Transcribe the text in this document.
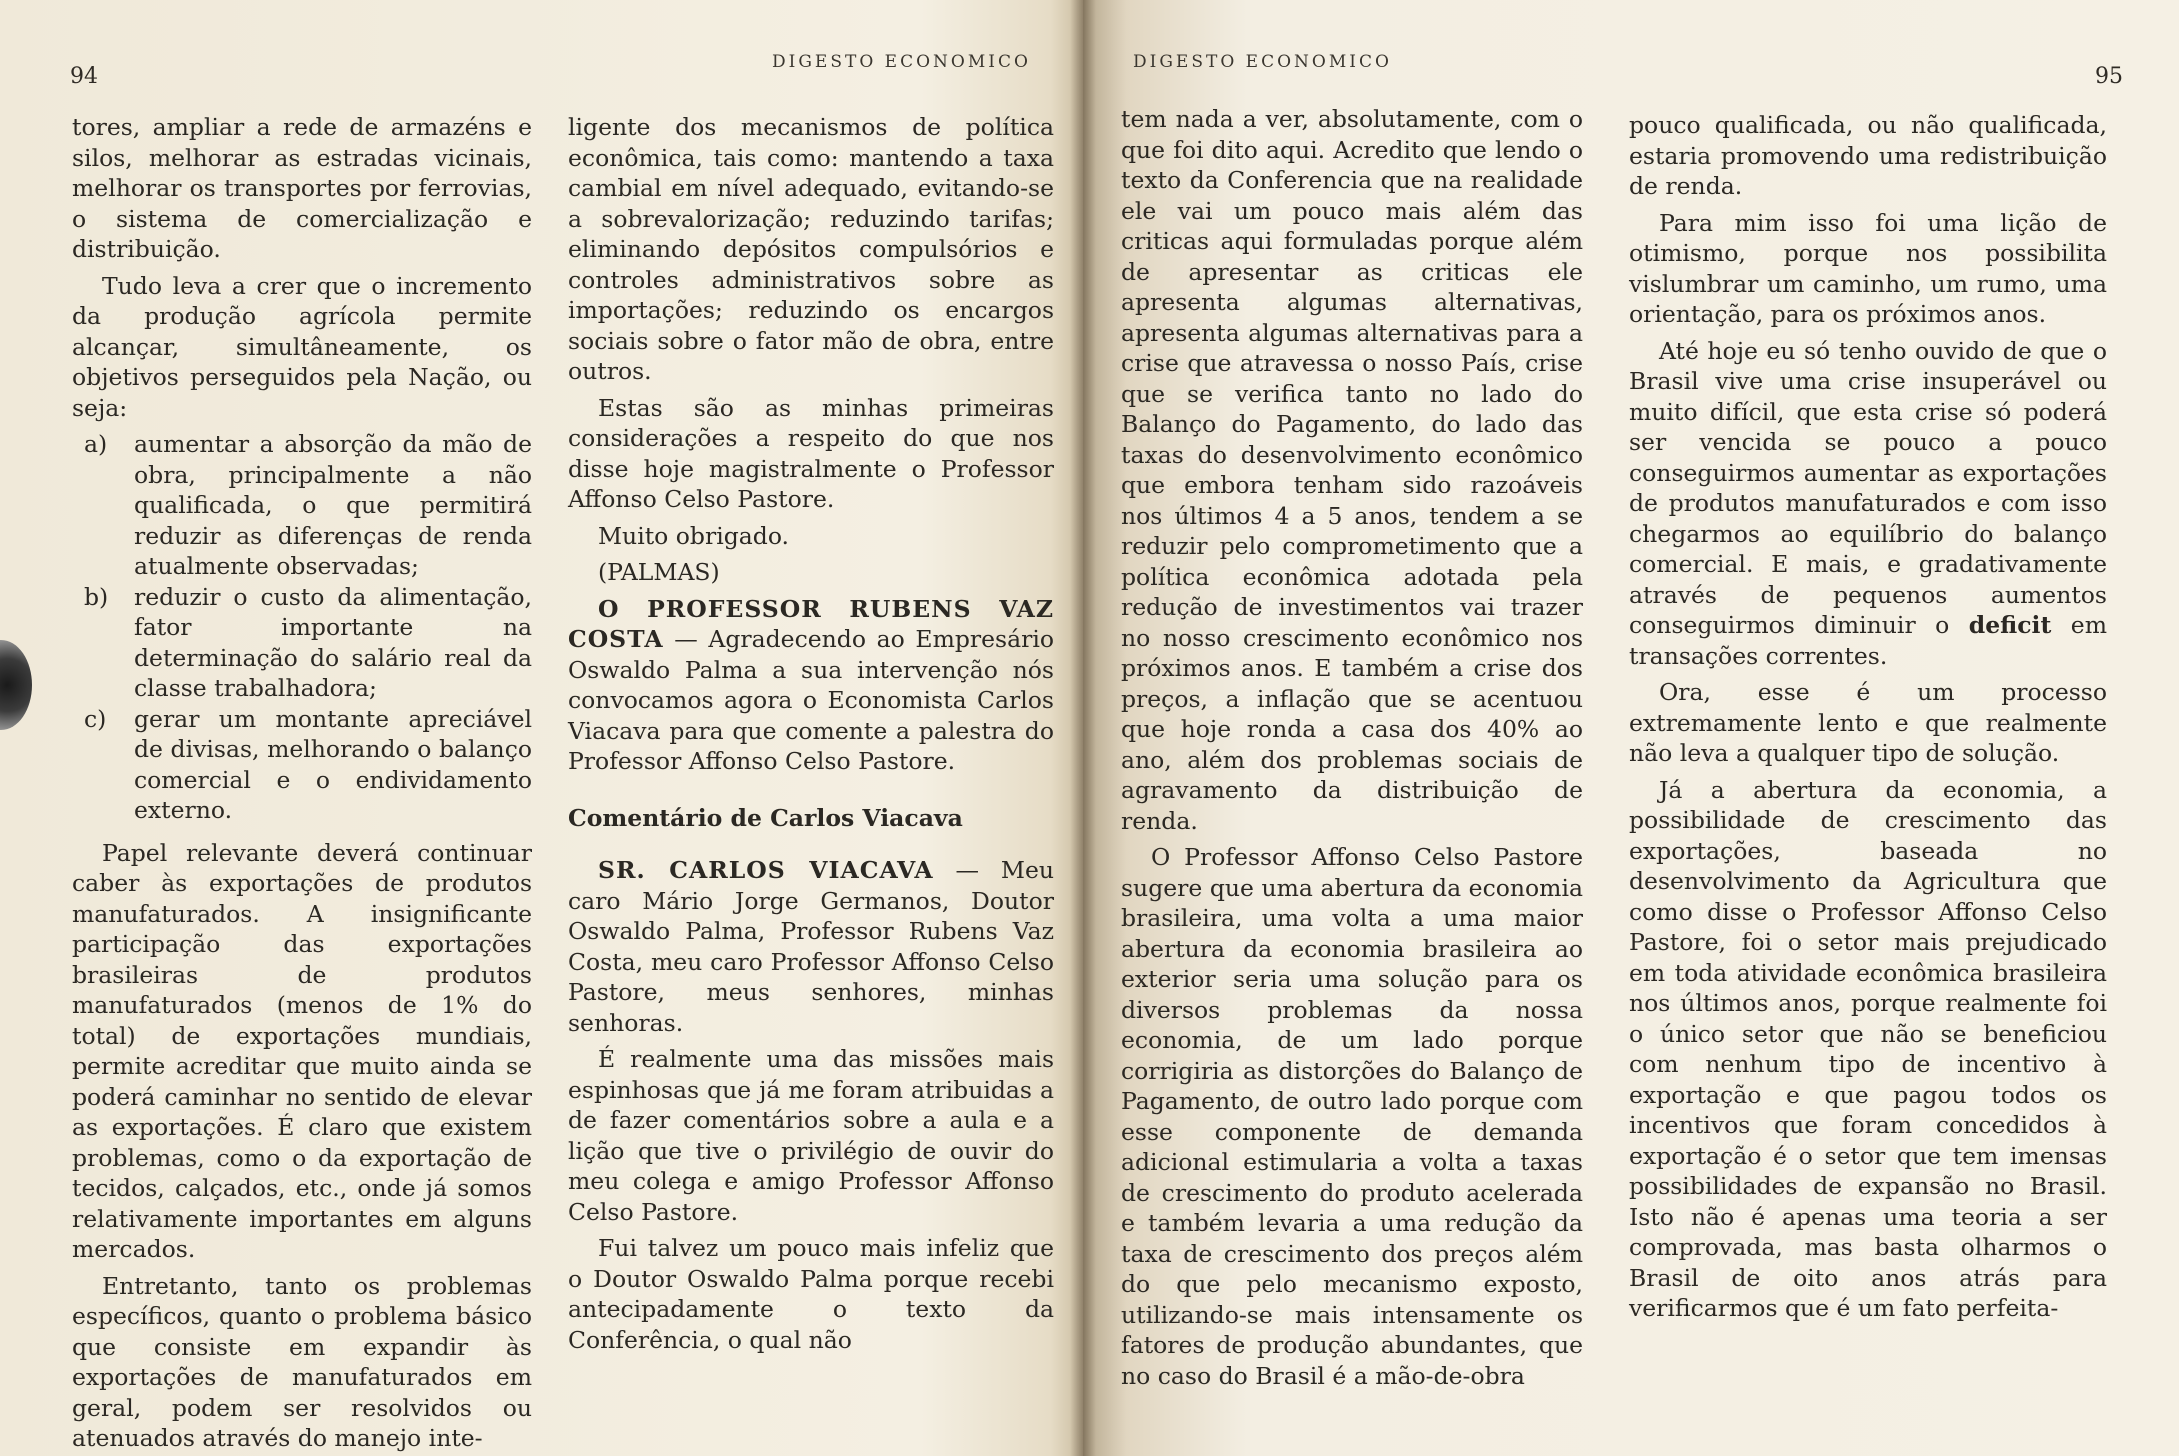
94
DIGESTO ECONOMICO

tores, ampliar a rede de armazéns e silos, melhorar as estradas vicinais, melhorar os transportes por ferrovias, o sistema de comercialização e distribuição.

Tudo leva a crer que o incremento da produção agrícola permite alcançar, simultâneamente, os objetivos perseguidos pela Nação, ou seja:

a)	aumentar a absorção da mão de obra, principalmente a não qualificada, o que permitirá reduzir as diferenças de renda atualmente observadas;
b)	reduzir o custo da alimentação, fator importante na determinação do salário real da classe trabalhadora;
c)	gerar um montante apreciável de divisas, melhorando o balanço comercial e o endividamento externo.

Papel relevante deverá continuar caber às exportações de produtos manufaturados. A insignificante participação das exportações brasileiras de produtos manufaturados (menos de 1% do total) de exportações mundiais, permite acreditar que muito ainda se poderá caminhar no sentido de elevar as exportações. É claro que existem problemas, como o da exportação de tecidos, calçados, etc., onde já somos relativamente importantes em alguns mercados.

Entretanto, tanto os problemas específicos, quanto o problema básico que consiste em expandir às exportações de manufaturados em geral, podem ser resolvidos ou atenuados através do manejo inte-

ligente dos mecanismos de política econômica, tais como: mantendo a taxa cambial em nível adequado, evitando-se a sobrevalorização; reduzindo tarifas; eliminando depósitos compulsórios e controles administrativos sobre as importações; reduzindo os encargos sociais sobre o fator mão de obra, entre outros.

Estas são as minhas primeiras considerações a respeito do que nos disse hoje magistralmente o Professor Affonso Celso Pastore.

Muito obrigado.

(PALMAS)

O PROFESSOR RUBENS VAZ COSTA — Agradecendo ao Empresário Oswaldo Palma a sua intervenção nós convocamos agora o Economista Carlos Viacava para que comente a palestra do Professor Affonso Celso Pastore.

Comentário de Carlos Viacava

SR. CARLOS VIACAVA — Meu caro Mário Jorge Germanos, Doutor Oswaldo Palma, Professor Rubens Vaz Costa, meu caro Professor Affonso Celso Pastore, meus senhores, minhas senhoras.

É realmente uma das missões mais espinhosas que já me foram atribuidas a de fazer comentários sobre a aula e a lição que tive o privilégio de ouvir do meu colega e amigo Professor Affonso Celso Pastore.

Fui talvez um pouco mais infeliz que o Doutor Oswaldo Palma porque recebi antecipadamente o texto da Conferência, o qual não

DIGESTO ECONOMICO
95

tem nada a ver, absolutamente, com o que foi dito aqui. Acredito que lendo o texto da Conferencia que na realidade ele vai um pouco mais além das criticas aqui formuladas porque além de apresentar as criticas ele apresenta algumas alternativas, apresenta algumas alternativas para a crise que atravessa o nosso País, crise que se verifica tanto no lado do Balanço do Pagamento, do lado das taxas do desenvolvimento econômico que embora tenham sido razoáveis nos últimos 4 a 5 anos, tendem a se reduzir pelo comprometimento que a política econômica adotada pela redução de investimentos vai trazer no nosso crescimento econômico nos próximos anos. E também a crise dos preços, a inflação que se acentuou que hoje ronda a casa dos 40% ao ano, além dos problemas sociais de agravamento da distribuição de renda.

O Professor Affonso Celso Pastore sugere que uma abertura da economia brasileira, uma volta a uma maior abertura da economia brasileira ao exterior seria uma solução para os diversos problemas da nossa economia, de um lado porque corrigiria as distorções do Balanço de Pagamento, de outro lado porque com esse componente de demanda adicional estimularia a volta a taxas de crescimento do produto acelerada e também levaria a uma redução da taxa de crescimento dos preços além do que pelo mecanismo exposto, utilizando-se mais intensamente os fatores de produção abundantes, que no caso do Brasil é a mão-de-obra

pouco qualificada, ou não qualificada, estaria promovendo uma redistribuição de renda.

Para mim isso foi uma lição de otimismo, porque nos possibilita vislumbrar um caminho, um rumo, uma orientação, para os próximos anos.

Até hoje eu só tenho ouvido de que o Brasil vive uma crise insuperável ou muito difícil, que esta crise só poderá ser vencida se pouco a pouco conseguirmos aumentar as exportações de produtos manufaturados e com isso chegarmos ao equilíbrio do balanço comercial. E mais, e gradativamente através de pequenos aumentos conseguirmos diminuir o deficit em transações correntes.

Ora, esse é um processo extremamente lento e que realmente não leva a qualquer tipo de solução.

Já a abertura da economia, a possibilidade de crescimento das exportações, baseada no desenvolvimento da Agricultura que como disse o Professor Affonso Celso Pastore, foi o setor mais prejudicado em toda atividade econômica brasileira nos últimos anos, porque realmente foi o único setor que não se beneficiou com nenhum tipo de incentivo à exportação e que pagou todos os incentivos que foram concedidos à exportação é o setor que tem imensas possibilidades de expansão no Brasil. Isto não é apenas uma teoria a ser comprovada, mas basta olharmos o Brasil de oito anos atrás para verificarmos que é um fato perfeita-
